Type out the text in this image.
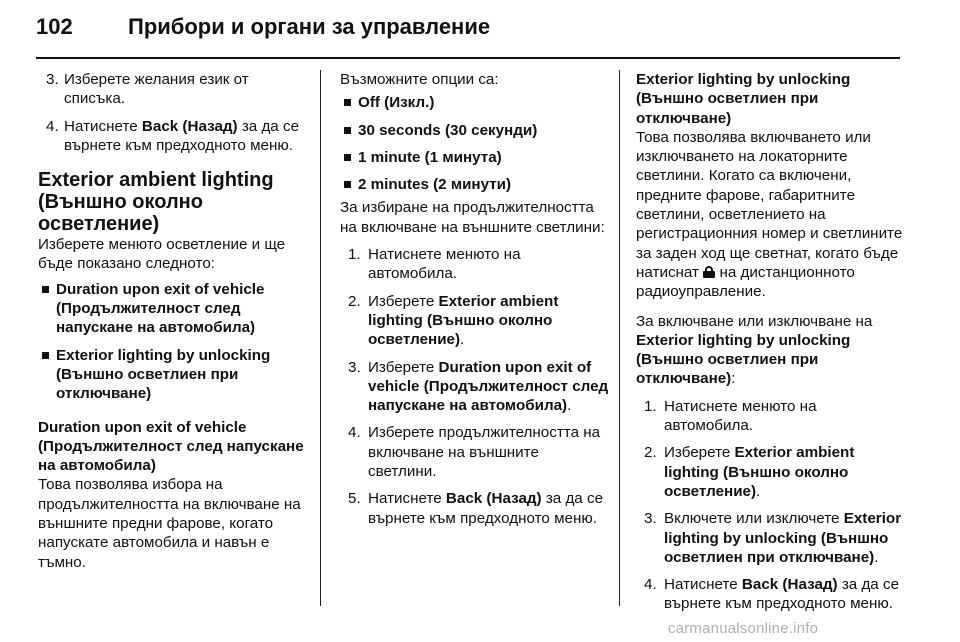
102	Прибори и органи за управление
3. Изберете желания език от списъка.
4. Натиснете Back (Назад) за да се върнете към предходното меню.
Exterior ambient lighting
(Външно околно осветление)

Изберете менюто осветление и ще бъде показано следното:

Duration upon exit of vehicle (Продължителност след напускане на автомобила)
Exterior lighting by unlocking (Външно осветлиен при отключване)
Duration upon exit of vehicle (Продължителност след напускане на автомобила)

Това позволява избора на продължителността на включване на външните предни фарове, когато напускате автомобила и навън е тъмно.

Възможните опции са:

Off (Изкл.)
30 seconds (30 секунди)
1 minute (1 минута)
2 minutes (2 минути)

За избиране на продължителността на включване на външните светлини:

1. Натиснете менюто на автомобила.
2. Изберете Exterior ambient lighting (Външно околно осветление).
3. Изберете Duration upon exit of vehicle (Продължителност след напускане на автомобила).
4. Изберете продължителността на включване на външните светлини.
5. Натиснете Back (Назад) за да се върнете към предходното меню.
Exterior lighting by unlocking (Външно осветлиен при отключване)

Това позволява включването или изключването на локаторните светлини. Когато са включени, предните фарове, габаритните светлини, осветлението на регистрационния номер и светлините за заден ход ще светнат, когато бъде натиснат на дистанционното радиоуправление.

За включване или изключване на Exterior lighting by unlocking (Външно осветлиен при отключване):

1. Натиснете менюто на автомобила.
2. Изберете Exterior ambient lighting (Външно околно осветление).
3. Включете или изключете Exterior lighting by unlocking (Външно осветлиен при отключване).
4. Натиснете Back (Назад) за да се върнете към предходното меню.
carmanualsonline.info
